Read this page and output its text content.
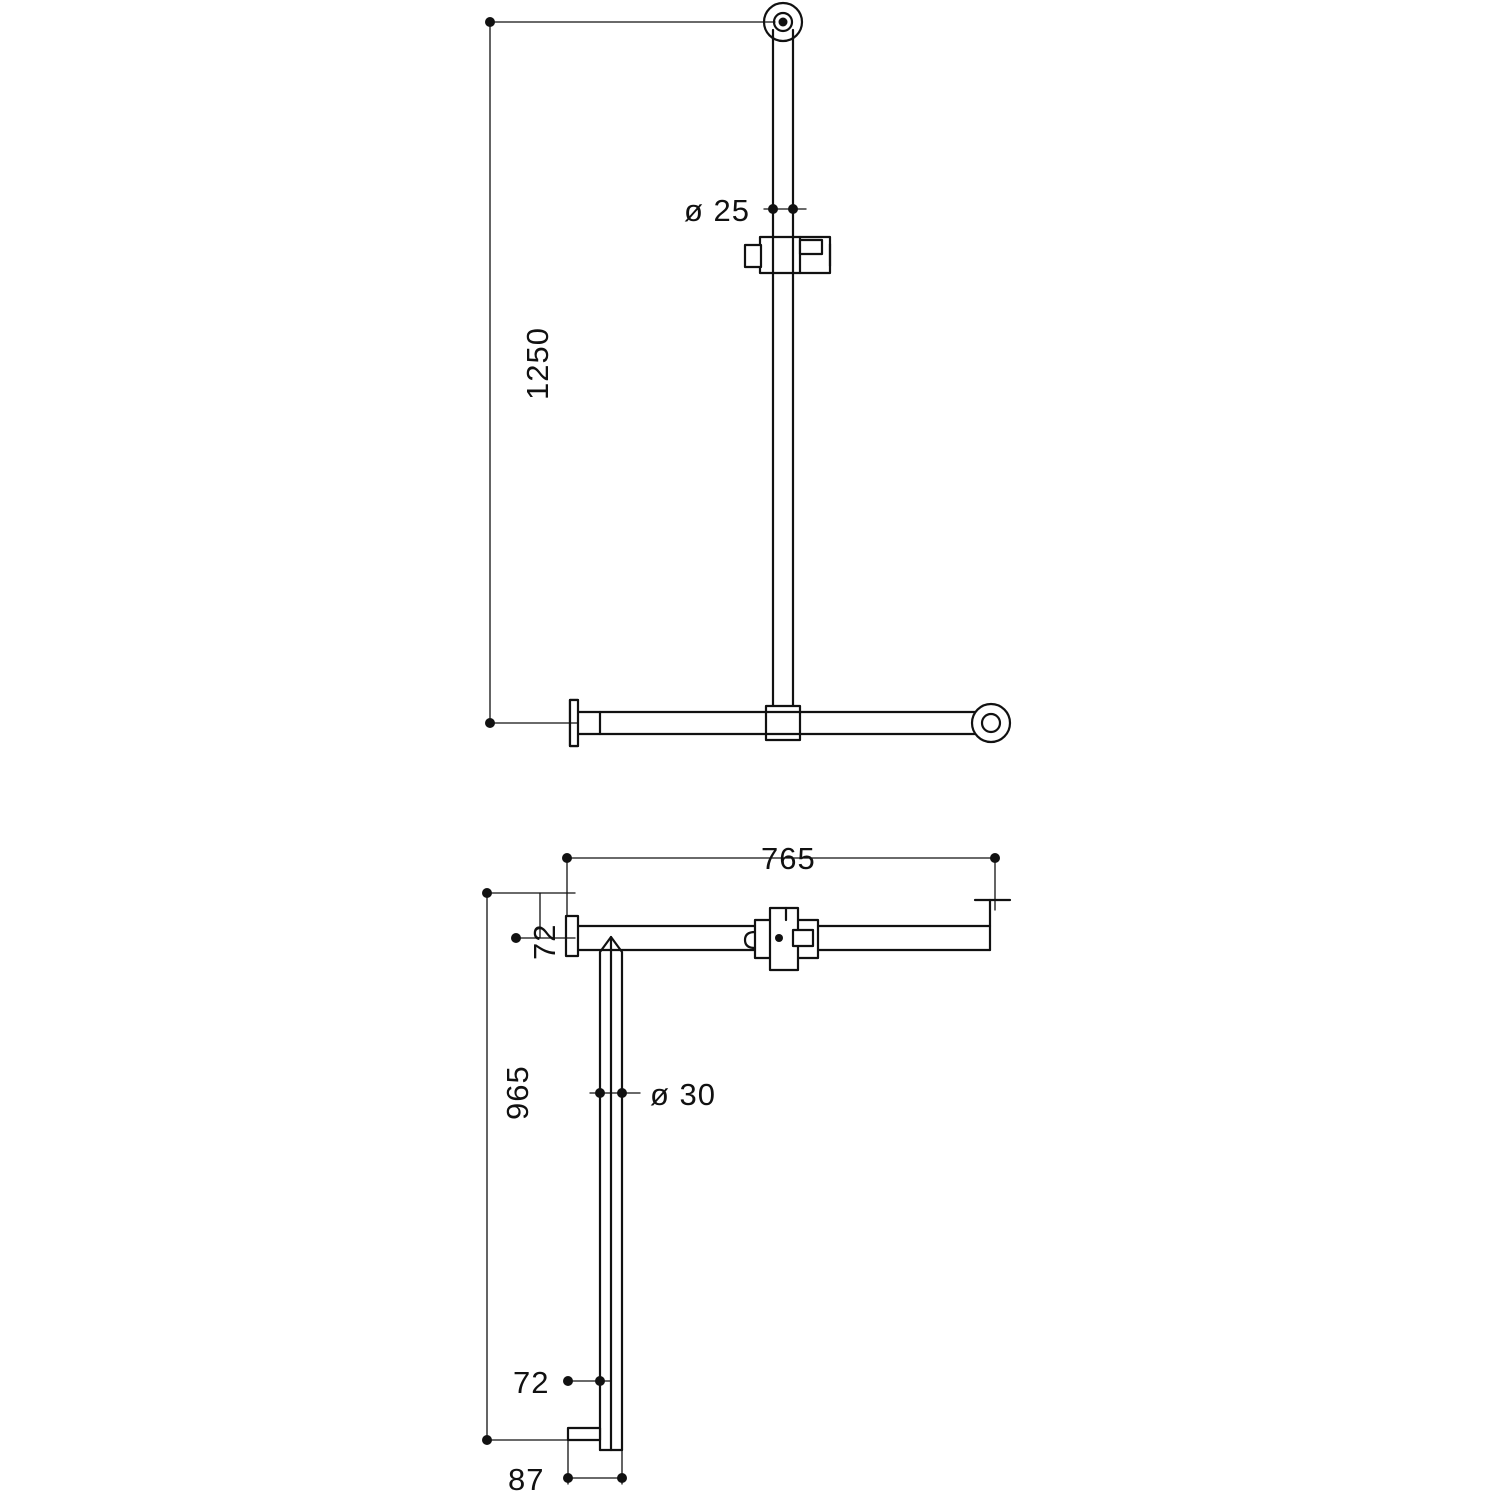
1250
ø 25
765
72
ø 30
965
72
87
